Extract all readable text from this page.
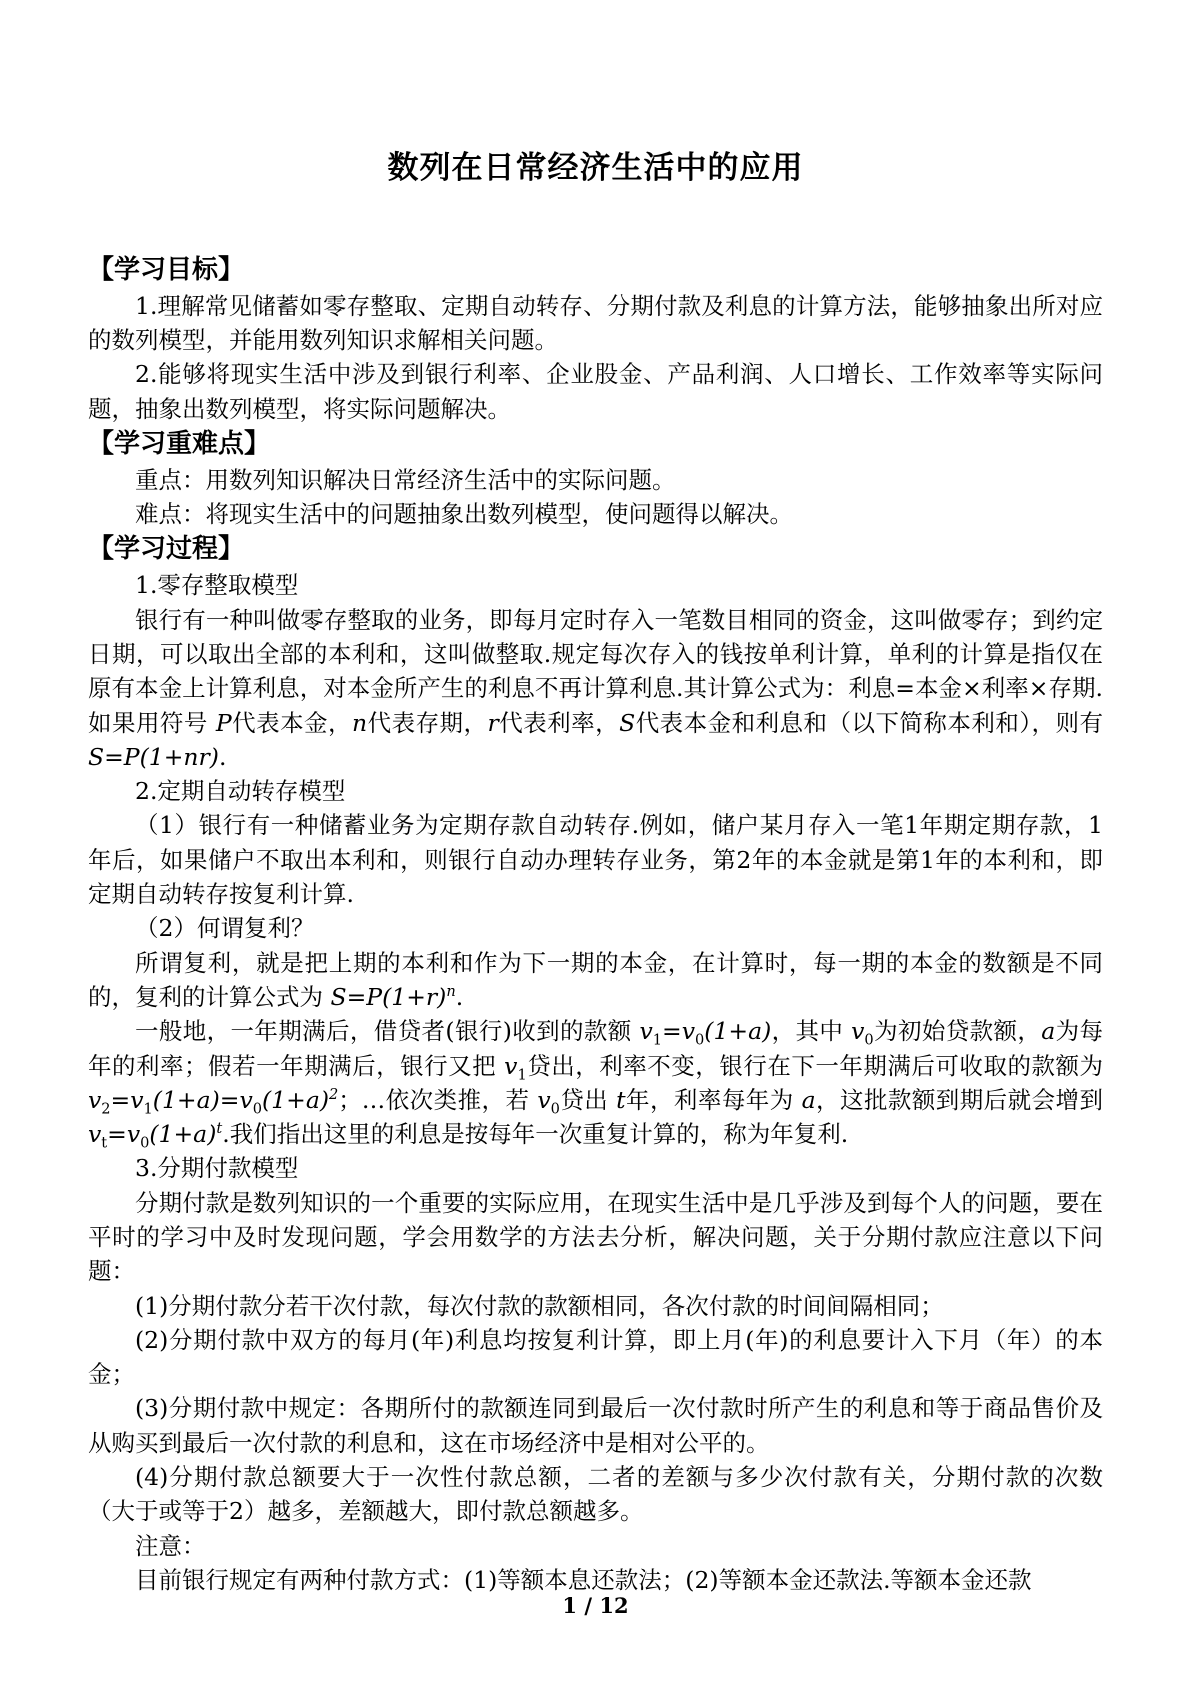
数列在日常经济生活中的应用
【学习目标】

1.理解常见储蓄如零存整取、定期自动转存、分期付款及利息的计算方法，能够抽象出所对应的数列模型，并能用数列知识求解相关问题。

2.能够将现实生活中涉及到银行利率、企业股金、产品利润、人口增长、工作效率等实际问题，抽象出数列模型，将实际问题解决。

【学习重难点】

重点：用数列知识解决日常经济生活中的实际问题。

难点：将现实生活中的问题抽象出数列模型，使问题得以解决。

【学习过程】

1.零存整取模型

银行有一种叫做零存整取的业务，即每月定时存入一笔数目相同的资金，这叫做零存；到约定日期，可以取出全部的本利和，这叫做整取.规定每次存入的钱按单利计算，单利的计算是指仅在原有本金上计算利息，对本金所产生的利息不再计算利息.其计算公式为：利息=本金×利率×存期.如果用符号 P代表本金，n代表存期，r代表利率，S代表本金和利息和（以下简称本利和），则有 S=P(1+nr).

2.定期自动转存模型

（1）银行有一种储蓄业务为定期存款自动转存.例如，储户某月存入一笔1年期定期存款，1年后，如果储户不取出本利和，则银行自动办理转存业务，第2年的本金就是第1年的本利和，即定期自动转存按复利计算.

（2）何谓复利？

所谓复利，就是把上期的本利和作为下一期的本金，在计算时，每一期的本金的数额是不同的，复利的计算公式为 $S=P(1+r)^n$.

一般地，一年期满后，借贷者(银行)收到的款额 $v_1=v_0(1+a)$，其中 $v_0$为初始贷款额，a为每年的利率；假若一年期满后，银行又把 $v_1$贷出，利率不变，银行在下一年期满后可收取的款额为 $v_2=v_1(1+a)=v_0(1+a)^2$；…依次类推，若 $v_0$贷出 t年，利率每年为 a，这批款额到期后就会增到 $v_t=v_0(1+a)^t$.我们指出这里的利息是按每年一次重复计算的，称为年复利.

3.分期付款模型

分期付款是数列知识的一个重要的实际应用，在现实生活中是几乎涉及到每个人的问题，要在平时的学习中及时发现问题，学会用数学的方法去分析，解决问题，关于分期付款应注意以下问题：

(1)分期付款分若干次付款，每次付款的款额相同，各次付款的时间间隔相同；

(2)分期付款中双方的每月(年)利息均按复利计算，即上月(年)的利息要计入下月（年）的本金；

(3)分期付款中规定：各期所付的款额连同到最后一次付款时所产生的利息和等于商品售价及从购买到最后一次付款的利息和，这在市场经济中是相对公平的。

(4)分期付款总额要大于一次性付款总额，二者的差额与多少次付款有关，分期付款的次数（大于或等于2）越多，差额越大，即付款总额越多。

注意：

目前银行规定有两种付款方式：(1)等额本息还款法；(2)等额本金还款法.等额本金还款

1 / 12
